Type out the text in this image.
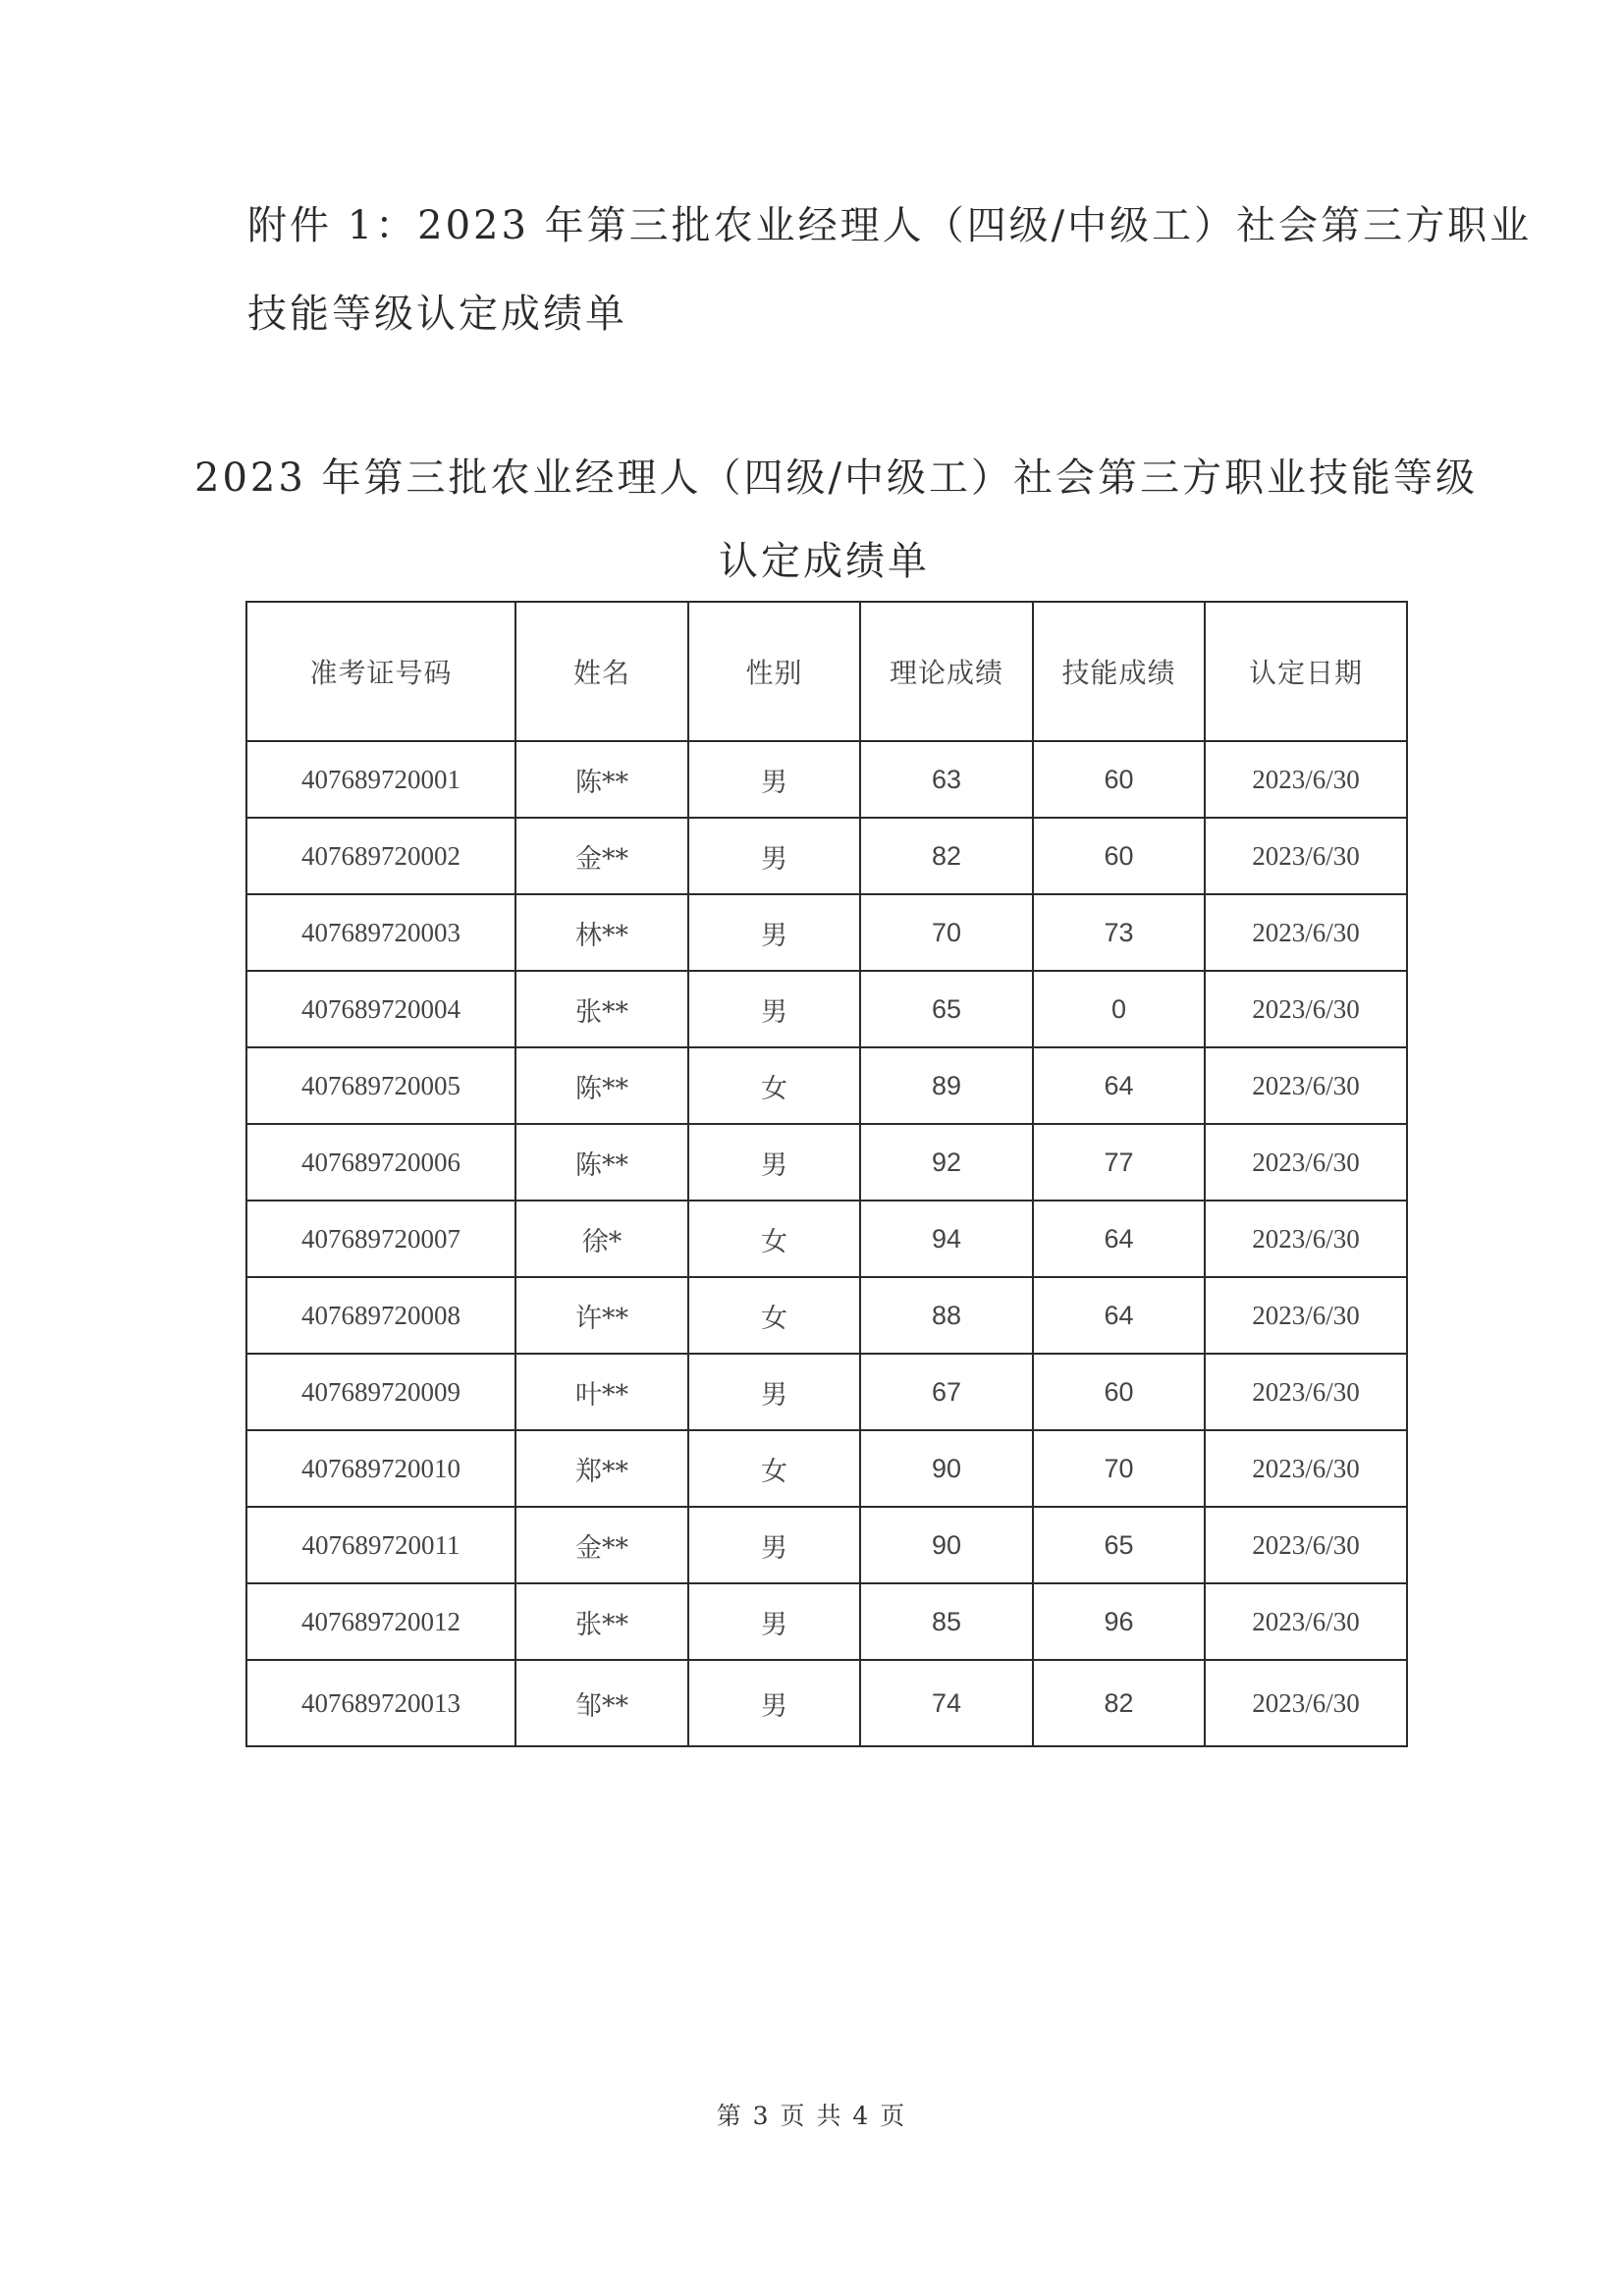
附件 1：2023 年第三批农业经理人（四级/中级工）社会第三方职业
技能等级认定成绩单
2023 年第三批农业经理人（四级/中级工）社会第三方职业技能等级
认定成绩单
准考证号码	姓名	性别	理论成绩	技能成绩	认定日期
407689720001	陈**	男	63	60	2023/6/30
407689720002	金**	男	82	60	2023/6/30
407689720003	林**	男	70	73	2023/6/30
407689720004	张**	男	65	0	2023/6/30
407689720005	陈**	女	89	64	2023/6/30
407689720006	陈**	男	92	77	2023/6/30
407689720007	徐*	女	94	64	2023/6/30
407689720008	许**	女	88	64	2023/6/30
407689720009	叶**	男	67	60	2023/6/30
407689720010	郑**	女	90	70	2023/6/30
407689720011	金**	男	90	65	2023/6/30
407689720012	张**	男	85	96	2023/6/30
407689720013	邹**	男	74	82	2023/6/30
第 3 页 共 4 页
